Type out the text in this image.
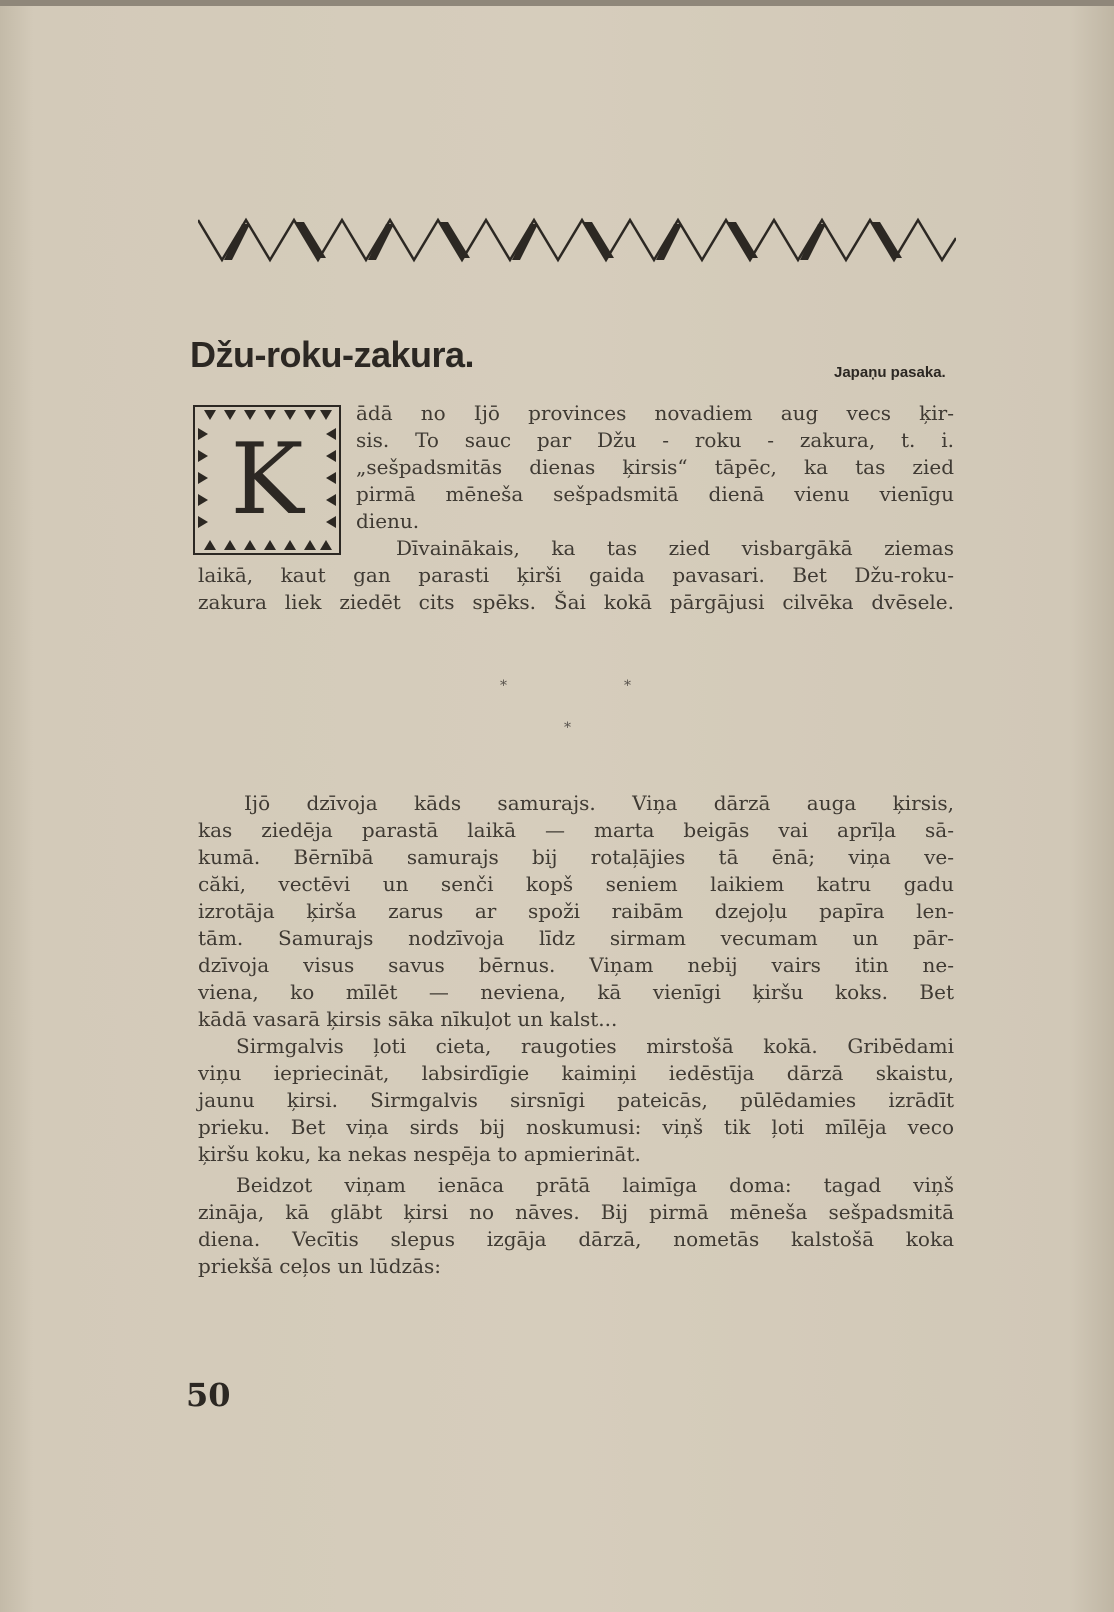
Džu-roku-zakura.	Japaņu pasaka.
K
ādā no Ijō provinces novadiem aug vecs ķir-
sis. To sauc par Džu - roku - zakura, t. i.
„sešpadsmitās dienas ķirsis“ tāpēc, ka tas zied
pirmā mēneša sešpadsmitā dienā vienu vienīgu
dienu.
Dīvainākais, ka tas zied visbargākā ziemas
laikā, kaut gan parasti ķirši gaida pavasari. Bet Džu-roku-
zakura liek ziedēt cits spēks. Šai kokā pārgājusi cilvēka dvēsele.
*	*
*
Ijō dzīvoja kāds samurajs. Viņa dārzā auga ķirsis,
kas ziedēja parastā laikā — marta beigās vai aprīļa sā-
kumā. Bērnībā samurajs bij rotaļājies tā ēnā; viņa ve-
căki, vectēvi un senči kopš seniem laikiem katru gadu
izrotāja ķirša zarus ar spoži raibām dzejoļu papīra len-
tām. Samurajs nodzīvoja līdz sirmam vecumam un pār-
dzīvoja visus savus bērnus. Viņam nebij vairs itin ne-
viena, ko mīlēt — neviena, kā vienīgi ķiršu koks. Bet
kādā vasarā ķirsis sāka nīkuļot un kalst...
Sirmgalvis ļoti cieta, raugoties mirstošā kokā. Gribēdami
viņu iepriecināt, labsirdīgie kaimiņi iedēstīja dārzā skaistu,
jaunu ķirsi. Sirmgalvis sirsnīgi pateicās, pūlēdamies izrādīt
prieku. Bet viņa sirds bij noskumusi: viņš tik ļoti mīlēja veco
ķiršu koku, ka nekas nespēja to apmierināt.
Beidzot viņam ienāca prātā laimīga doma: tagad viņš
zināja, kā glābt ķirsi no nāves. Bij pirmā mēneša sešpadsmitā
diena. Vecītis slepus izgāja dārzā, nometās kalstošā koka
priekšā ceļos un lūdzās:
50
